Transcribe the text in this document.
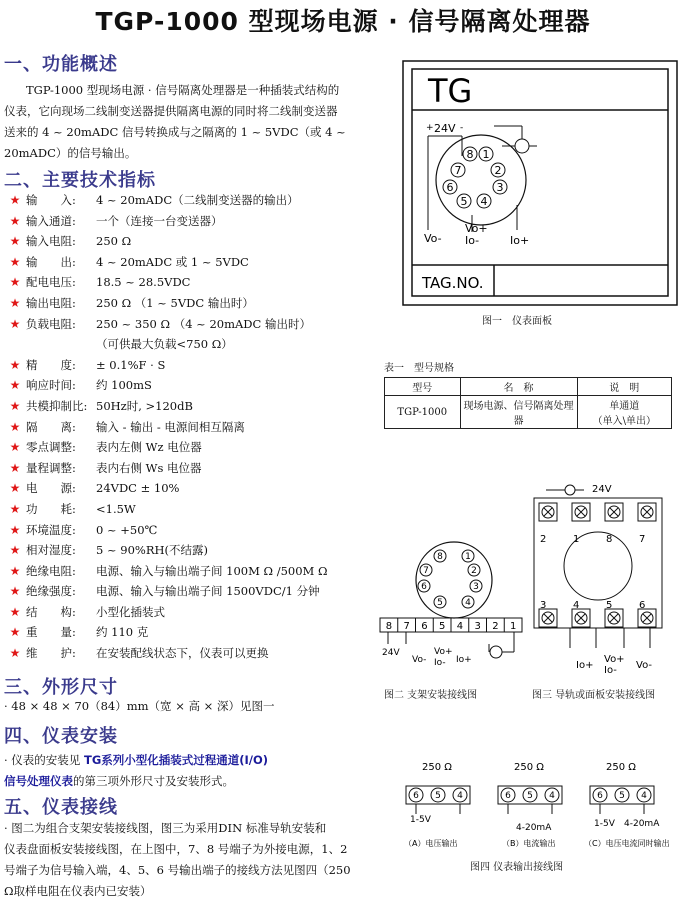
TGP-1000 型现场电源 · 信号隔离处理器
一、功能概述
TGP-1000 型现场电源 · 信号隔离处理器是一种插装式结构的
仪表，它向现场二线制变送器提供隔离电源的同时将二线制变送器
送来的 4 ~ 20mADC 信号转换成与之隔离的 1 ~ 5VDC（或 4 ~
20mADC）的信号输出。
二、主要技术指标
★ 输　　入: 4 ~ 20mADC（二线制变送器的输出）
★ 输入通道: 一个（连接一台变送器）
★ 输入电阻: 250 Ω
★ 输　　出: 4 ~ 20mADC 或 1 ~ 5VDC
★ 配电电压: 18.5 ~ 28.5VDC
★ 输出电阻: 250 Ω （1 ~ 5VDC 输出时）
★ 负载电阻: 250 ~ 350 Ω （4 ~ 20mADC 输出时）
（可供最大负载<750 Ω）
★ 精　　度: ± 0.1%F · S
★ 响应时间: 约 100mS
★ 共模抑制比: 50Hz时, >120dB
★ 隔　　离: 输入 - 输出 - 电源间相互隔离
★ 零点调整: 表内左侧 Wz 电位器
★ 量程调整: 表内右侧 Ws 电位器
★ 电　　源: 24VDC ± 10%
★ 功　　耗: <1.5W
★ 环境温度: 0 ~ +50℃
★ 相对湿度: 5 ~ 90%RH(不结露)
★ 绝缘电阻: 电源、输入与输出端子间 100M Ω /500M Ω
★ 绝缘强度: 电源、输入与输出端子间 1500VDC/1 分钟
★ 结　　构: 小型化插装式
★ 重　　量: 约 110 克
★ 维　　护: 在安装配线状态下，仪表可以更换
三、外形尺寸
· 48 × 48 × 70（84）mm（宽 × 高 × 深）见图一
四、仪表安装
· 仪表的安装见 TG系列小型化插装式过程通道(I/O)
信号处理仪表的第三项外形尺寸及安装形式。
五、仪表接线
· 图二为组合支架安装接线图，图三为采用DIN 标准导轨安装和
仪表盘面板安装接线图，在上图中，7、8 号端子为外接电源，1、2
号端子为信号输入端，4、5、6 号输出端子的接线方法见图四（250
Ω取样电阻在仪表内已安装）
TG
TAG.NO.
+ 24V -
8 1
7	2
6	3
5 4
Vo-
Vo+
Io-	Io+
图一　仪表面板
表一　型号规格
型号	名　称	说　明
TGP-1000	现场电源、信号隔离处理器	单通道
（单入\单出）
8 1
7	2
6	3
5 4
8 7 6 5 4 3 2 1
24V
Vo-
Vo+
Io- Io+
图二 支架安装接线图
24V
2	1	8	7
3	4	5	6
Io+
Vo+
Io- Vo-
图三 导轨或面板安装接线图
250 Ω	250 Ω	250 Ω
6 5 4	6 5 4	6 5 4
1-5V
4-20mA	1-5V 4-20mA
（A）电压输出	（B）电流输出	（C）电压电流同时输出
图四 仪表输出接线图
